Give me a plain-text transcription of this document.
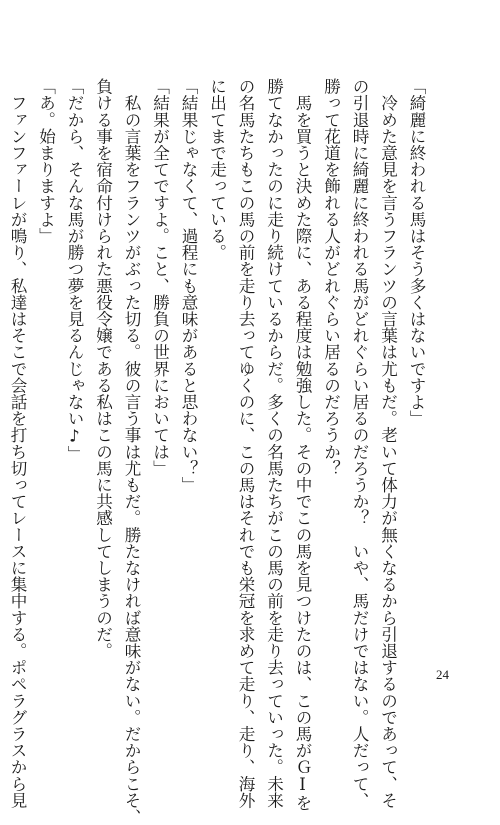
「綺麗に終われる馬はそう多くはないですよ」
　冷めた意見を言うフランツの言葉は尤もだ。老いて体力が無くなるから引退するのであって、そ
の引退時に綺麗に終われる馬がどれぐらい居るのだろうか？　いや、馬だけではない。人だって、
勝って花道を飾れる人がどれぐらい居るのだろうか？
　馬を買うと決めた際に、ある程度は勉強した。その中でこの馬を見つけたのは、この馬がＧⅠを
勝てなかったのに走り続けているからだ。多くの名馬たちがこの馬の前を走り去っていった。未来
の名馬たちもこの馬の前を走り去ってゆくのに、この馬はそれでも栄冠を求めて走り、走り、海外
に出てまで走っている。
「結果じゃなくて、過程にも意味があると思わない？」
「結果が全てですよ。こと、勝負の世界においては」
　私の言葉をフランツがぶった切る。彼の言う事は尤もだ。勝たなければ意味がない。だからこそ、
負ける事を宿命付けられた悪役令嬢である私はこの馬に共感してしまうのだ。
「だから、そんな馬が勝つ夢を見るんじゃない♪」
「あ。始まりますよ」
　ファンファーレが鳴り、私達はそこで会話を打ち切ってレースに集中する。ポペラグラスから見	24
